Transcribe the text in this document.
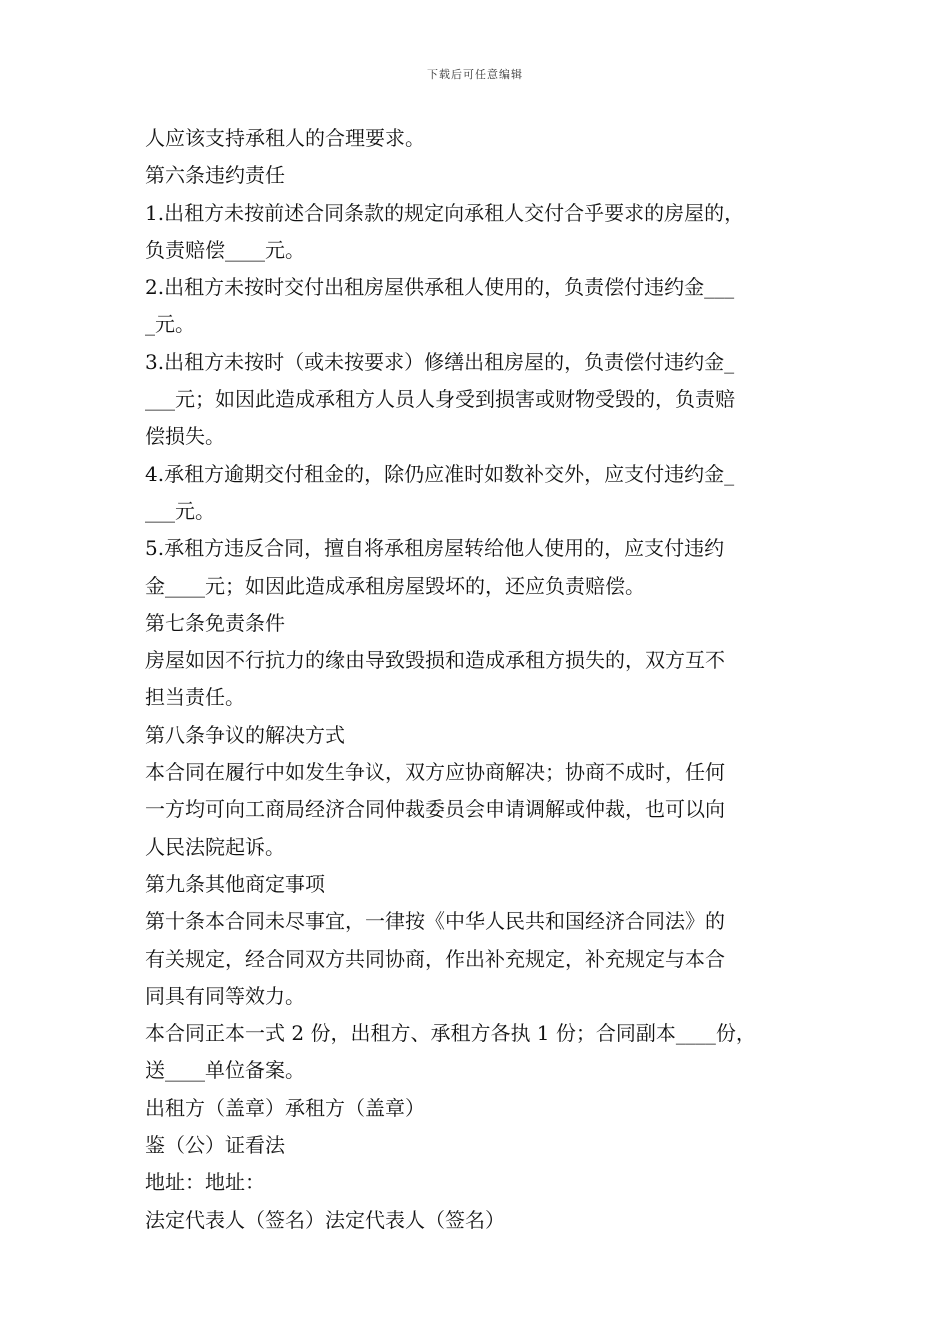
下载后可任意编辑
人应该支持承租人的合理要求。
第六条违约责任
1.出租方未按前述合同条款的规定向承租人交付合乎要求的房屋的，
负责赔偿____元。
2.出租方未按时交付出租房屋供承租人使用的，负责偿付违约金___
_元。
3.出租方未按时（或未按要求）修缮出租房屋的，负责偿付违约金_
___元；如因此造成承租方人员人身受到损害或财物受毁的，负责赔
偿损失。
4.承租方逾期交付租金的，除仍应准时如数补交外，应支付违约金_
___元。
5.承租方违反合同，擅自将承租房屋转给他人使用的，应支付违约
金____元；如因此造成承租房屋毁坏的，还应负责赔偿。
第七条免责条件
房屋如因不行抗力的缘由导致毁损和造成承租方损失的，双方互不
担当责任。
第八条争议的解决方式
本合同在履行中如发生争议，双方应协商解决；协商不成时，任何
一方均可向工商局经济合同仲裁委员会申请调解或仲裁，也可以向
人民法院起诉。
第九条其他商定事项
第十条本合同未尽事宜，一律按《中华人民共和国经济合同法》的
有关规定，经合同双方共同协商，作出补充规定，补充规定与本合
同具有同等效力。
本合同正本一式 2 份，出租方、承租方各执 1 份；合同副本____份，
送____单位备案。
出租方（盖章）承租方（盖章）
鉴（公）证看法
地址：地址：
法定代表人（签名）法定代表人（签名）
